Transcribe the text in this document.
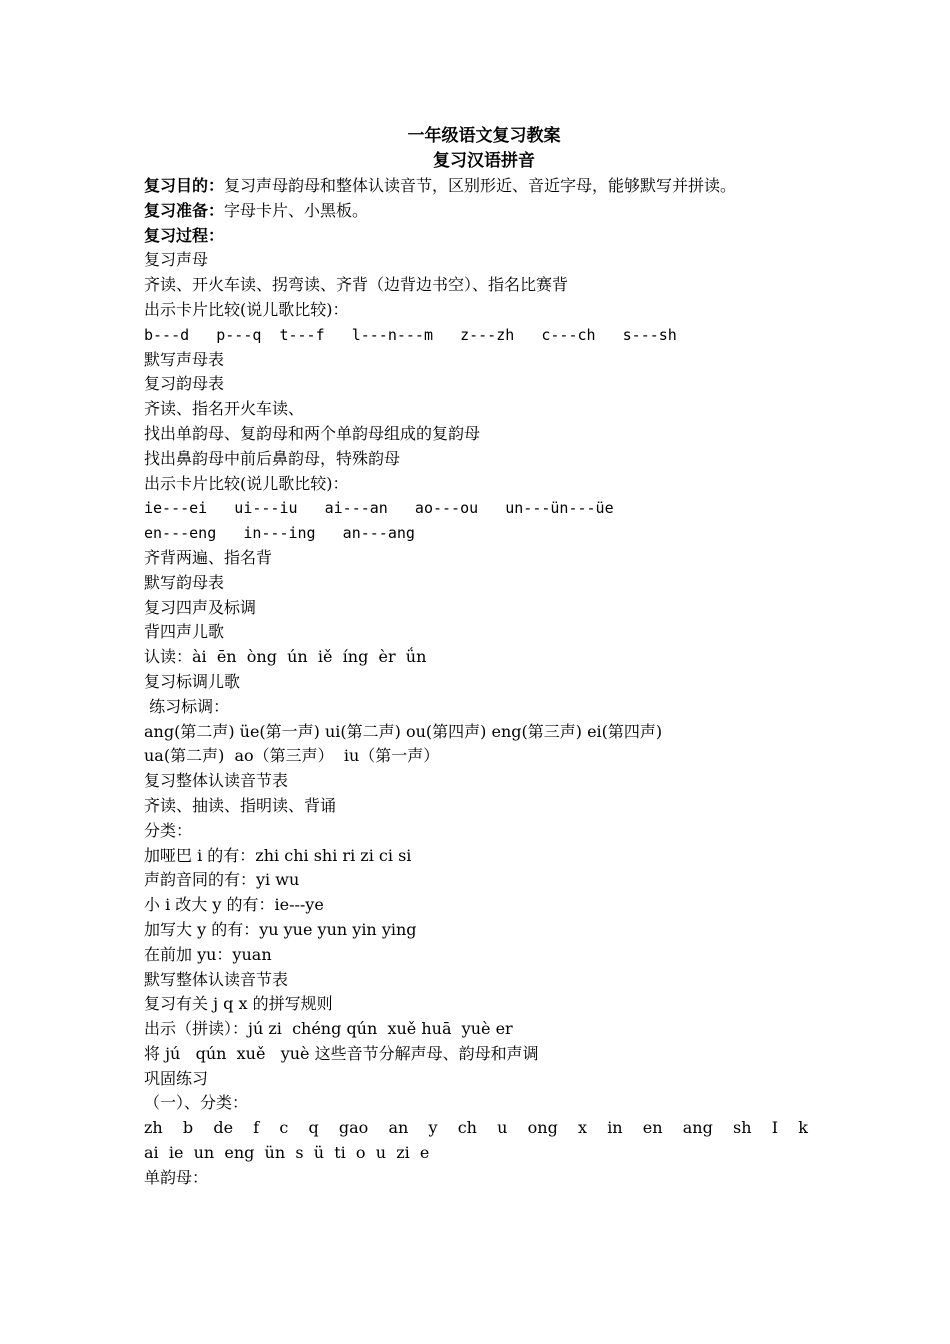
一年级语文复习教案
复习汉语拼音
复习目的：复习声母韵母和整体认读音节，区别形近、音近字母，能够默写并拼读。
复习准备：字母卡片、小黑板。
复习过程：
复习声母
齐读、开火车读、拐弯读、齐背（边背边书空）、指名比赛背
出示卡片比较(说儿歌比较)：
b---d   p---q  t---f   l---n---m   z---zh   c---ch   s---sh
默写声母表
复习韵母表
齐读、指名开火车读、
找出单韵母、复韵母和两个单韵母组成的复韵母
找出鼻韵母中前后鼻韵母，特殊韵母
出示卡片比较(说儿歌比较)：
ie---ei   ui---iu   ai---an   ao---ou   un---ün---üe
en---eng   in---ing   an---ang
齐背两遍、指名背
默写韵母表
复习四声及标调
背四声儿歌
认读：ài  ēn  òng  ún  iě  íng  èr  ǘn
复习标调儿歌
练习标调：
ang(第二声) üe(第一声) ui(第二声) ou(第四声) eng(第三声) ei(第四声)
ua(第二声)  ao（第三声）  iu（第一声）
复习整体认读音节表
齐读、抽读、指明读、背诵
分类：
加哑巴 i 的有：zhi chi shi ri zi ci si
声韵音同的有：yi wu
小 i 改大 y 的有：ie---ye
加写大 y 的有：yu yue yun yin ying
在前加 yu：yuan
默写整体认读音节表
复习有关 j q x 的拼写规则
出示（拼读）：jú zi  chéng qún  xuě huā  yuè er
将 jú   qún  xuě   yuè 这些音节分解声母、韵母和声调
巩固练习
（一）、分类：
zh b de f c q gao an y ch u ong x in en ang sh I k
ai  ie  un  eng  ün  s  ü  ti  o  u  zi  e
单韵母：
